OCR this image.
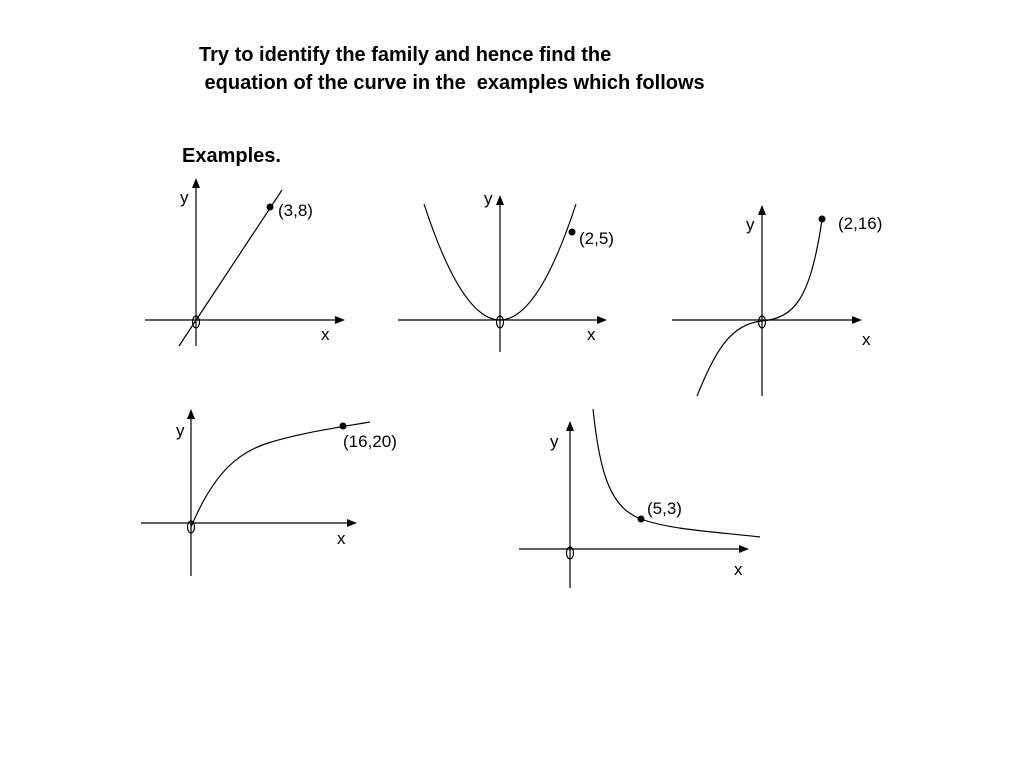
Try to identify the family and hence find the
equation of the curve in the  examples which follows
Examples.
(3,8)
x
y
(2,5)
x
y
(2,16)
x
y
(16,20)
x
y
(5,3)
x
y
